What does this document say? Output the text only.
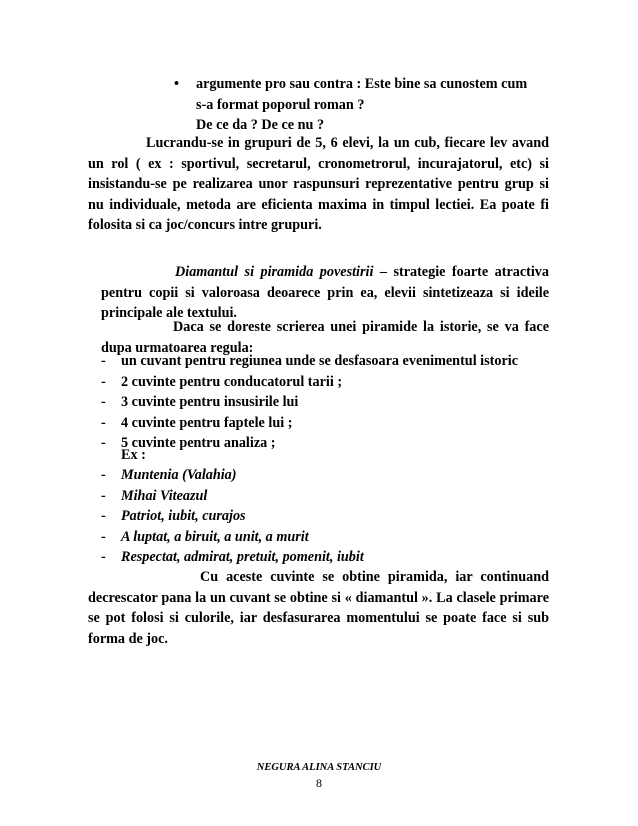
• argumente pro sau contra : Este bine sa cunostem cum
s-a format poporul roman ?
De ce da ? De ce nu ?
Lucrandu-se in grupuri de 5, 6 elevi, la un cub, fiecare lev avand un rol ( ex : sportivul, secretarul, cronometrorul, incurajatorul, etc) si insistandu-se pe realizarea unor raspunsuri reprezentative pentru grup si nu individuale, metoda are eficienta maxima in timpul lectiei. Ea poate fi folosita si ca joc/concurs intre grupuri.
Diamantul si piramida povestirii – strategie foarte atractiva pentru copii si valoroasa deoarece prin ea, elevii sintetizeaza si ideile principale ale textului.
Daca se doreste scrierea unei piramide la istorie, se va face dupa urmatoarea regula:
- un cuvant pentru regiunea unde se desfasoara evenimentul istoric
- 2 cuvinte pentru conducatorul tarii ;
- 3 cuvinte pentru insusirile lui
- 4 cuvinte pentru faptele lui ;
- 5 cuvinte pentru analiza ;
Ex :
- Muntenia (Valahia)
- Mihai Viteazul
- Patriot, iubit, curajos
- A luptat, a biruit, a unit, a murit
- Respectat, admirat, pretuit, pomenit, iubit
Cu aceste cuvinte se obtine piramida, iar continuand decrescator pana la un cuvant se obtine si « diamantul ». La clasele primare se pot folosi si culorile, iar desfasurarea momentului se poate face si sub forma de joc.
NEGURA ALINA STANCIU
8
